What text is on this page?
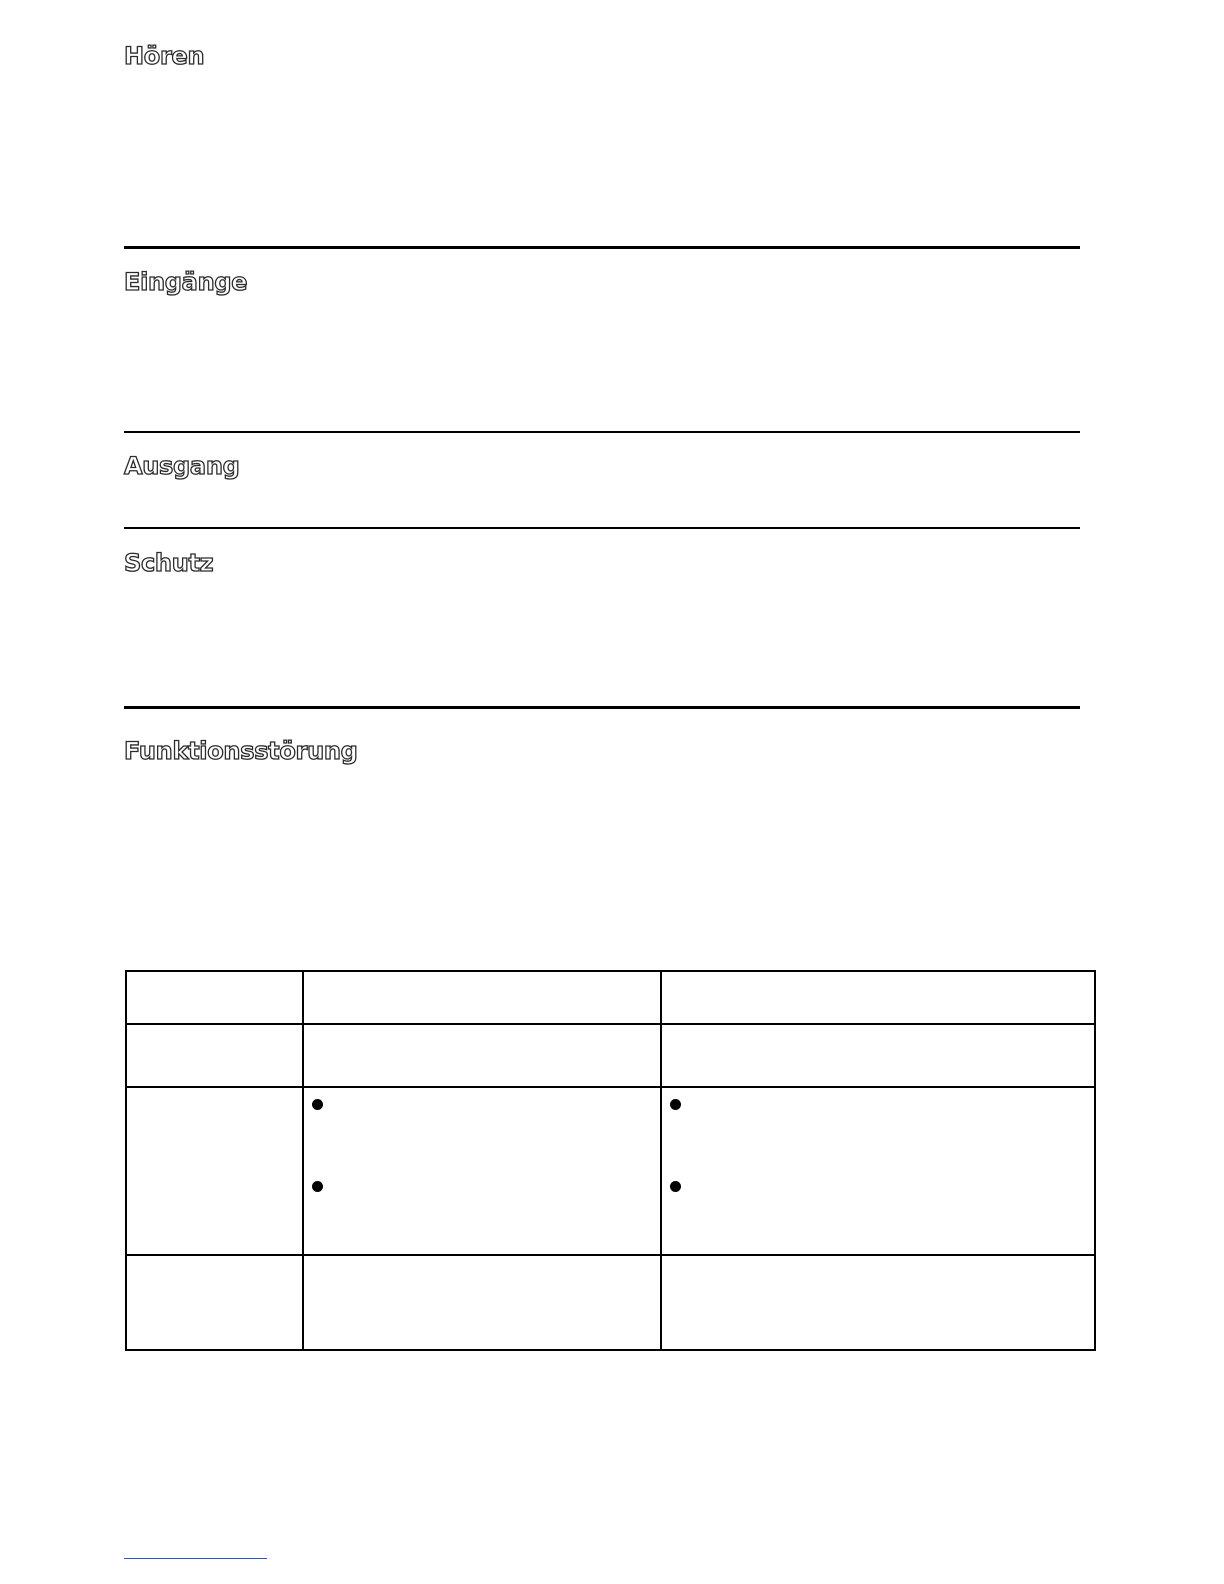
Hören
Eingänge
Ausgang
Schutz
Funktionsstörung
